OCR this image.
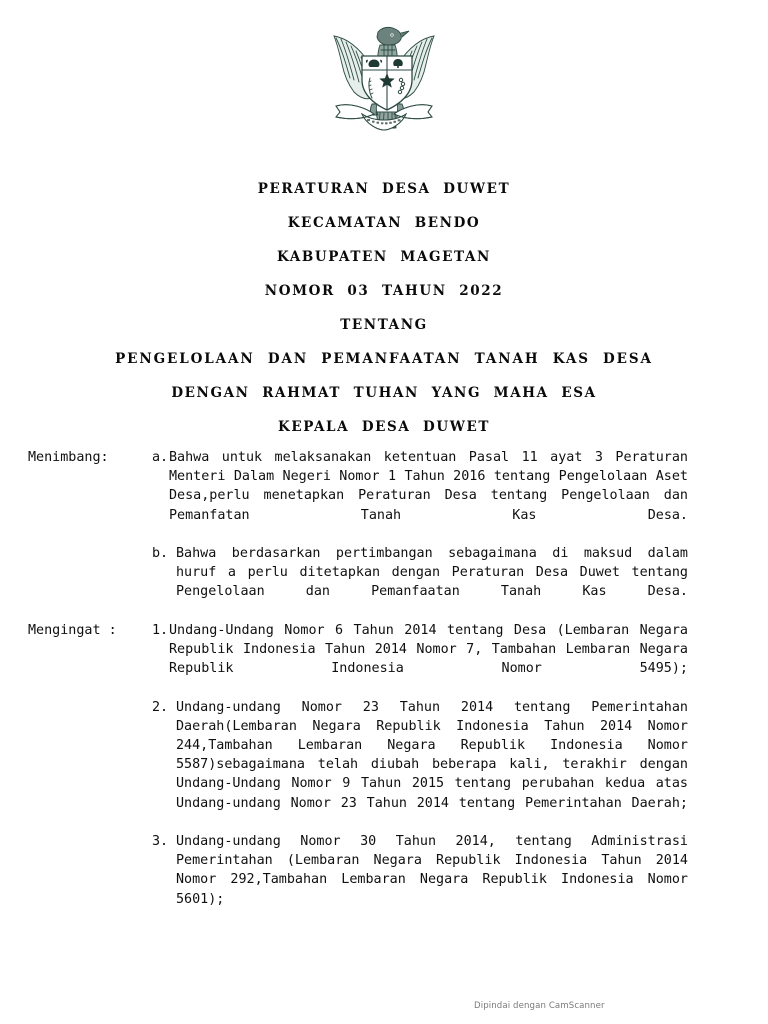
PERATURAN  DESA  DUWET
KECAMATAN  BENDO
KABUPATEN  MAGETAN
NOMOR  03  TAHUN  2022
TENTANG
PENGELOLAAN  DAN  PEMANFAATAN  TANAH  KAS  DESA
DENGAN  RAHMAT  TUHAN  YANG  MAHA  ESA
KEPALA  DESA  DUWET
Menimbang:	a. Bahwa untuk melaksanakan ketentuan Pasal 11 ayat 3 Peraturan Menteri Dalam Negeri Nomor 1 Tahun 2016 tentang Pengelolaan Aset Desa,perlu menetapkan Peraturan Desa tentang Pengelolaan dan Pemanfatan Tanah Kas Desa.
b. Bahwa berdasarkan pertimbangan sebagaimana di maksud dalam huruf a perlu ditetapkan dengan Peraturan Desa Duwet tentang Pengelolaan dan Pemanfaatan Tanah Kas Desa.
Mengingat :	1. Undang-Undang Nomor 6 Tahun 2014 tentang Desa (Lembaran Negara Republik Indonesia Tahun 2014 Nomor 7, Tambahan Lembaran Negara Republik Indonesia Nomor 5495);
2. Undang-undang Nomor 23 Tahun 2014 tentang Pemerintahan Daerah(Lembaran Negara Republik Indonesia Tahun 2014 Nomor 244,Tambahan Lembaran Negara Republik Indonesia Nomor 5587)sebagaimana telah diubah beberapa kali, terakhir dengan Undang-Undang Nomor 9 Tahun 2015 tentang perubahan kedua atas Undang-undang Nomor 23 Tahun 2014 tentang Pemerintahan Daerah;
3. Undang-undang Nomor 30 Tahun 2014, tentang Administrasi Pemerintahan (Lembaran Negara Republik Indonesia Tahun 2014 Nomor 292,Tambahan Lembaran Negara Republik Indonesia Nomor 5601);
Dipindai dengan CamScanner
